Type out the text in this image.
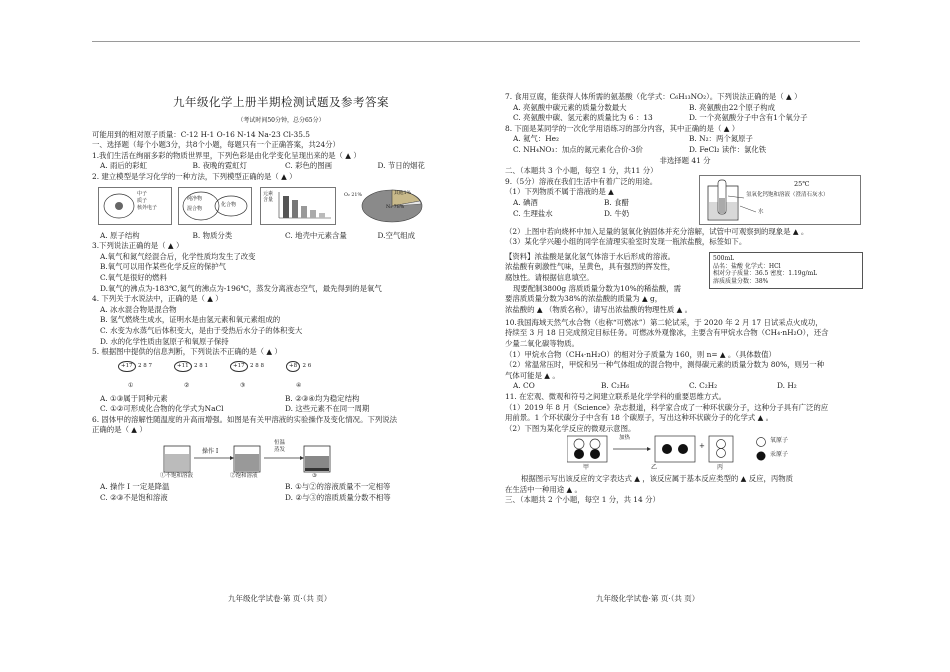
九年级化学上册半期检测试题及参考答案
（考试时间50分钟，总分65分）
可能用到的相对原子质量：C-12 H-1 O-16 N-14 Na-23 Cl-35.5
一、选择题（每个小题3分，共8个小题，每题只有一个正确答案，共24分）
1.我们生活在绚丽多彩的物质世界里，下列色彩是由化学变化呈现出来的是（ ▲ ）
A. 雨后的彩虹	B. 夜晚的霓虹灯	C. 彩色的图画	D. 节日的烟花
2. 建立模型是学习化学的一种方法，下列模型正确的是（ ▲ ）
中子
质子
核外电子
纯净物
混合物
化合物
元素含量
其他1%
N₂ 78%
O₂ 21%
A. 原子结构	B. 物质分类	C. 地壳中元素含量	D.空气组成
3.下列说法正确的是（ ▲ ）
A.氧气和氮气经混合后，化学性质均发生了改变
B.氧气可以用作某些化学反应的保护气
C.氧气是很好的燃料
D.氧气的沸点为-183℃,氮气的沸点为-196℃，蒸发分离液态空气，最先得到的是氧气
4. 下列关于水说法中，正确的是（ ▲ ）
A. 冰水混合物是混合物
B. 氢气燃烧生成水，证明水是由氢元素和氧元素组成的
C. 水变为水蒸气后体积变大，是由于受热后水分子的体积变大
D. 水的化学性质由氢原子和氧原子保持
5. 根据图中提供的信息判断，下列说法不正确的是（ ▲ ）
+17 2 8 7	+11 2 8 1	+17 2 8 8	+8 2 6
①	②	③	④
A. ①③属于同种元素	B. ②③④均为稳定结构
C. ①②可形成化合物的化学式为NaCl	D. 这些元素不在同一周期
6. 固体甲的溶解性随温度的升高而增强。如图是有关甲溶液的实验操作及变化情况。下列说法
正确的是（ ▲ ）
操作 I
恒温蒸发
①不饱和溶液	②饱和溶液	③
A. 操作 I 一定是降温	B. ①与②的溶液质量不一定相等
C. ②③不是饱和溶液	D. ②与③的溶质质量分数不相等
九年级化学试卷·第 页·（共 页）
7. 食用豆腐，能获得人体所需的氨基酸（化学式：C₆H₁₃NO₂）。下列说法正确的是（ ▲ ）
A. 亮氨酸中碳元素的质量分数最大	B. 亮氨酸由22个原子构成
C. 亮氨酸中碳、氢元素的质量比为 6 ：13	D. 一个亮氨酸分子中含有1个氧分子
8. 下面是某同学的一次化学用语练习的部分内容，其中正确的是（ ▲ ）
A. 氦气：He₂	B. N₂：两个氮原子
C. NH₄NO₃：加点的氮元素化合价-3价	D. FeCl₂ 读作：氯化铁
非选择题 41 分
二、（本题共 3 个小题，每空 1 分，共11 分）
9.（5分）溶液在我们生活中有着广泛的用途。
（1）下列物质不属于溶液的是 ▲
A. 碘酒	B. 食醋
C. 生理盐水	D. 牛奶
25℃
氢氧化钙饱和溶液（澄清石灰水）
水
（2）上图中若向烧杯中加入足量的氢氧化钠固体并充分溶解，试管中可观察到的现象是 ▲ 。
（3）某化学兴趣小组的同学在清理实验室时发现一瓶浓盐酸，标签如下。
【资料】浓盐酸是氯化氢气体溶于水后形成的溶液。
浓盐酸有刺激性气味，呈黄色，具有强烈的挥发性，
腐蚀性。请根据信息填空。
现要配制3800g 溶质质量分数为10%的稀盐酸，需
要溶质质量分数为38%的浓盐酸的质量为 ▲ g，
500mL
品名：盐酸 化学式：HCl
相对分子质量：36.5 密度：1.19g/mL
溶质质量分数：38%
浓盐酸的 ▲ （物质名称），请写出浓盐酸的物理性质 ▲ 。
10.我国海域天然气水合物（也称“可燃冰”）第二轮试采，于 2020 年 2 月 17 日试采点火成功，
持续至 3 月 18 日完成预定目标任务。可燃冰外观像冰，主要含有甲烷水合物（CH₄·nH₂O），还含
少量二氧化碳等物质。
（1）甲烷水合物（CH₄·nH₂O）的相对分子质量为 160，则 n= ▲ 。（具体数值）
（2）常温常压时，甲烷和另一种气体组成的混合物中，测得碳元素的质量分数为 80%，则另一种
气体可能是 ▲ 。
A. CO	B. C₂H₆	C. C₂H₂	D. H₂
11. 在宏观、微观和符号之间建立联系是化学学科的重要思维方式。
（1）2019 年 8 月《Science》杂志报道，科学家合成了一种环状碳分子，这种分子具有广泛的应
用前景。1 个环状碳分子中含有 18 个碳原子，写出这种环状碳分子的化学式 ▲ 。
（2）下图为某化学反应的微观示意图。
加热
+
甲	乙	丙
氧原子
汞原子
根据图示写出该反应的文字表达式 ▲ ，该反应属于基本反应类型的 ▲ 反应，丙物质
在生活中一种用途 ▲ 。
三、（本题共 2 个小题，每空 1 分，共 14 分）
九年级化学试卷·第 页·（共 页）
